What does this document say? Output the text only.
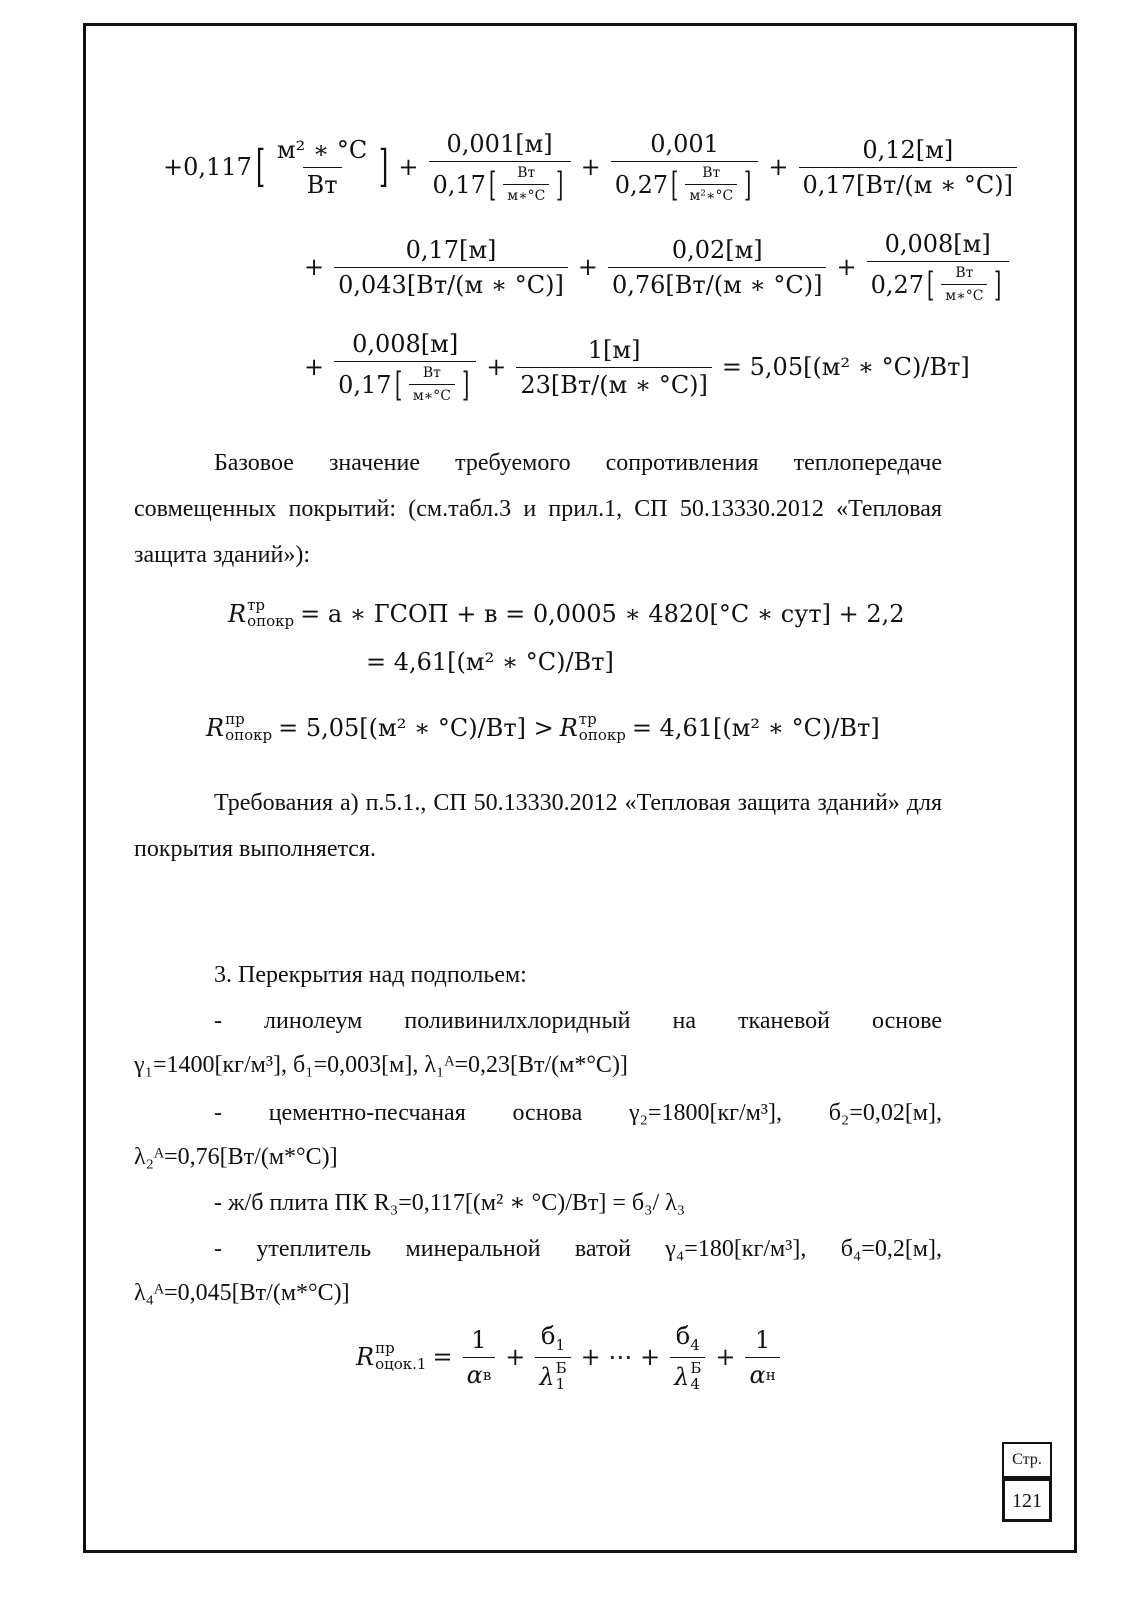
+0,117 [ $\frac{\text{м² ∗ °C}}{Вт}$ ] + $\frac{0,001[м]}{0,17 [ \frac{Вт}{м∗^\circ C} ]} + \frac{0,001}{0,27 [ \frac{Вт}{\text{м²∗°C}} ]} + \frac{0,12[м]}{0,17[Вт/(м ∗ ^\circ C)]}$
+ $\frac{0,17[м]}{0,043[Вт/(м ∗ ^\circ C)]} + \frac{0,02[м]}{0,76[Вт/(м ∗ ^\circ C)]} + \frac{0,008[м]}{0,27 [ \frac{Вт}{м∗^\circ C} ]}$
+ $\frac{0,008[м]}{0,17 [ \frac{Вт}{м∗^\circ C} ]} + \frac{1[м]}{23[Вт/(м ∗ ^\circ C)]} = 5,05[(м^2$ ∗ °C)/Вт]
Базовое значение требуемого сопротивления теплопередаче совмещенных покрытий: (см.табл.3 и прил.1, СП 50.13330.2012 «Тепловая защита зданий»):
R тр
опокр = а ∗ ГСОП + в = 0,0005 ∗ 4820[°C ∗ сут] + 2,2
= 4,61[(м² ∗ °C)/Вт]
R пр
опокр = 5,05[(м² ∗ °C)/Вт] > R тр
опокр = 4,61[(м² ∗ °C)/Вт]
Требования а) п.5.1., СП 50.13330.2012 «Тепловая защита зданий» для покрытия выполняется.
3. Перекрытия над подпольем:
- линолеум поливинилхлоридный на тканевой основе
γ₁=1400[кг/м³], б₁=0,003[м], λ₁ᴬ=0,23[Вт/(м*°С)]
- цементно-песчаная основа γ₂=1800[кг/м³], б₂=0,02[м],
λ₂ᴬ=0,76[Вт/(м*°С)]
- ж/б плита ПК R₃=0,117[(м² ∗ °C)/Вт] = б₃/ λ₃
- утеплитель минеральной ватой γ₄=180[кг/м³], б₄=0,2[м],
λ₄ᴬ=0,045[Вт/(м*°С)]
R пр
оцок.1 = $\frac{1}{\text{α в}} + б_1$
λ Б
1 + ⋯ + $б_4$
λ Б
$4 + \frac{1}{\text{α н}}$
Стр.
121
